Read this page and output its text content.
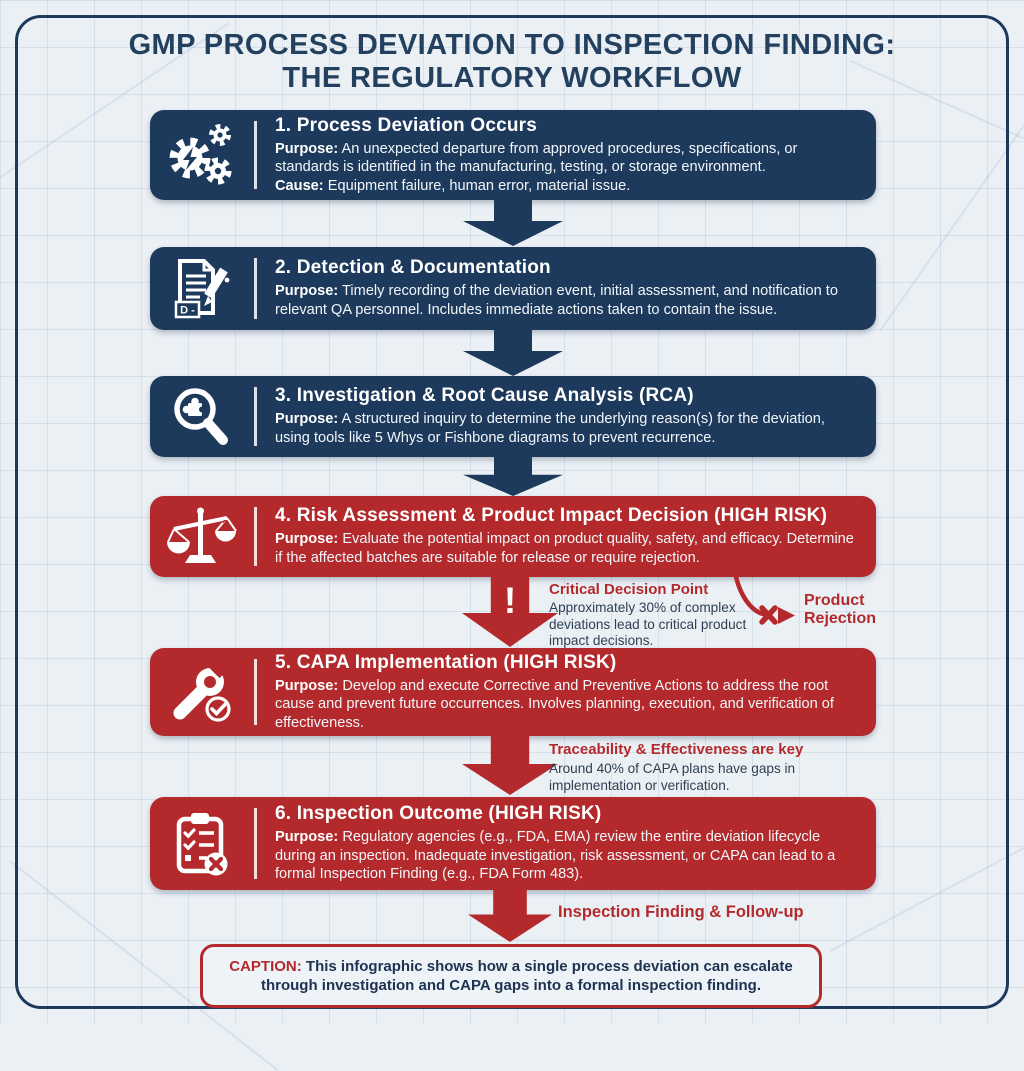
GMP PROCESS DEVIATION TO INSPECTION FINDING:
THE REGULATORY WORKFLOW
1. Process Deviation Occurs
Purpose: An unexpected departure from approved procedures, specifications, or standards is identified in the manufacturing, testing, or storage environment.
Cause: Equipment failure, human error, material issue.
D -
2. Detection & Documentation
Purpose: Timely recording of the deviation event, initial assessment, and notification to relevant QA personnel. Includes immediate actions taken to contain the issue.
3. Investigation & Root Cause Analysis (RCA)
Purpose: A structured inquiry to determine the underlying reason(s) for the deviation, using tools like 5 Whys or Fishbone diagrams to prevent recurrence.
? 4. Risk Assessment & Product Impact Decision (HIGH RISK)
Purpose: Evaluate the potential impact on product quality, safety, and efficacy. Determine if the affected batches are suitable for release or require rejection.
!	Critical Decision Point
Approximately 30% of complex deviations lead to critical product impact decisions.
Product Rejection
5. CAPA Implementation (HIGH RISK)
Purpose: Develop and execute Corrective and Preventive Actions to address the root cause and prevent future occurrences. Involves planning, execution, and verification of effectiveness.
Traceability & Effectiveness are key
Around 40% of CAPA plans have gaps in implementation or verification.
6. Inspection Outcome (HIGH RISK)
Purpose: Regulatory agencies (e.g., FDA, EMA) review the entire deviation lifecycle during an inspection. Inadequate investigation, risk assessment, or CAPA can lead to a formal Inspection Finding (e.g., FDA Form 483).
Inspection Finding & Follow-up
CAPTION: This infographic shows how a single process deviation can escalate through investigation and CAPA gaps into a formal inspection finding.
